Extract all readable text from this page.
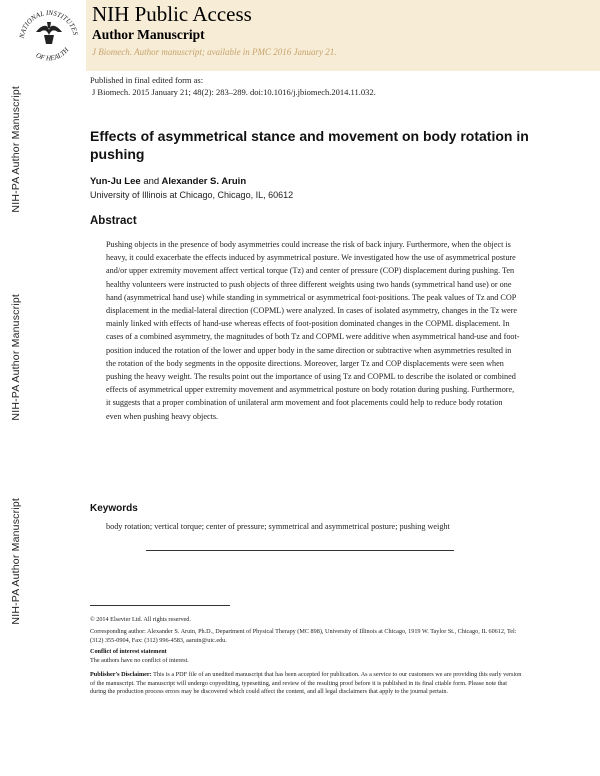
NATIONAL INSTITUTES
OF HEALTH
NIH Public Access
Author Manuscript
J Biomech. Author manuscript; available in PMC 2016 January 21.
Published in final edited form as:
J Biomech. 2015 January 21; 48(2): 283–289. doi:10.1016/j.jbiomech.2014.11.032.
NIH-PA Author Manuscript
NIH-PA Author Manuscript
NIH-PA Author Manuscript
Effects of asymmetrical stance and movement on body rotation in pushing
Yun-Ju Lee and Alexander S. Aruin
University of Illinois at Chicago, Chicago, IL, 60612
Abstract
Pushing objects in the presence of body asymmetries could increase the risk of back injury. Furthermore, when the object is heavy, it could exacerbate the effects induced by asymmetrical posture. We investigated how the use of asymmetrical posture and/or upper extremity movement affect vertical torque (Tz) and center of pressure (COP) displacement during pushing. Ten healthy volunteers were instructed to push objects of three different weights using two hands (symmetrical hand use) or one hand (asymmetrical hand use) while standing in symmetrical or asymmetrical foot-positions. The peak values of Tz and COP displacement in the medial-lateral direction (COPML) were analyzed. In cases of isolated asymmetry, changes in the Tz were mainly linked with effects of hand-use whereas effects of foot-position dominated changes in the COPML displacement. In cases of a combined asymmetry, the magnitudes of both Tz and COPML were additive when asymmetrical hand-use and foot-position induced the rotation of the lower and upper body in the same direction or subtractive when asymmetries resulted in the rotation of the body segments in the opposite directions. Moreover, larger Tz and COP displacements were seen when pushing the heavy weight. The results point out the importance of using Tz and COPML to describe the isolated or combined effects of asymmetrical upper extremity movement and asymmetrical posture on body rotation during pushing. Furthermore, it suggests that a proper combination of unilateral arm movement and foot placements could help to reduce body rotation even when pushing heavy objects.
Keywords
body rotation; vertical torque; center of pressure; symmetrical and asymmetrical posture; pushing weight
© 2014 Elsevier Ltd. All rights reserved.
Corresponding author: Alexander S. Aruin, Ph.D., Department of Physical Therapy (MC 898), University of Illinois at Chicago, 1919 W. Taylor St., Chicago, IL 60612, Tel: (312) 355-0904, Fax: (312) 996-4583, aaruin@uic.edu.
Conflict of interest statement
The authors have no conflict of interest.
Publisher's Disclaimer: This is a PDF file of an unedited manuscript that has been accepted for publication. As a service to our customers we are providing this early version of the manuscript. The manuscript will undergo copyediting, typesetting, and review of the resulting proof before it is published in its final citable form. Please note that during the production process errors may be discovered which could affect the content, and all legal disclaimers that apply to the journal pertain.
